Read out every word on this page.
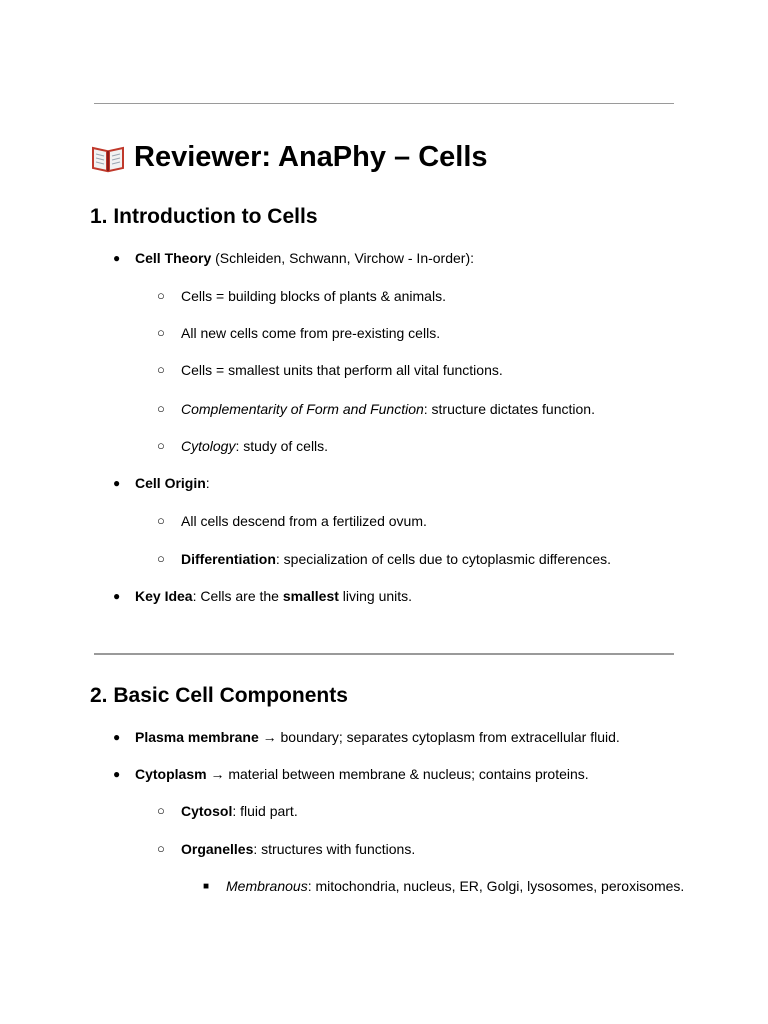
Reviewer: AnaPhy – Cells
1. Introduction to Cells
● Cell Theory (Schleiden, Schwann, Virchow - In-order):
○ Cells = building blocks of plants & animals.
○ All new cells come from pre-existing cells.
○ Cells = smallest units that perform all vital functions.
○ Complementarity of Form and Function: structure dictates function.
○ Cytology: study of cells.
● Cell Origin:
○ All cells descend from a fertilized ovum.
○ Differentiation: specialization of cells due to cytoplasmic differences.
● Key Idea: Cells are the smallest living units.
2. Basic Cell Components
● Plasma membrane → boundary; separates cytoplasm from extracellular fluid.
● Cytoplasm → material between membrane & nucleus; contains proteins.
○ Cytosol: fluid part.
○ Organelles: structures with functions.
■ Membranous: mitochondria, nucleus, ER, Golgi, lysosomes, peroxisomes.
